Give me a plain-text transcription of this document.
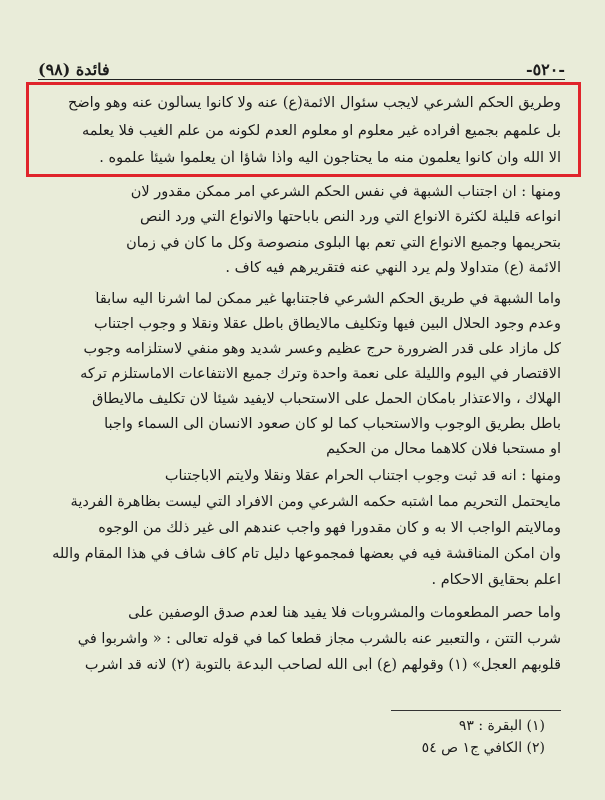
فائدة (٩٨)	-٥٢٠-
وطريق الحكم الشرعي لايجب سئوال الائمة(ع) عنه ولا كانوا يسألون عنه وهو واضح
بل علمهم بجميع أفراده غير معلوم او معلوم العدم لكونه من علم الغيب فلا يعلمه
الا الله وان كانوا يعلمون منه ما يحتاجون اليه وأذا شاؤا أن يعلموا شيئاً علموه .
ومنها : ان اجتناب الشبهة في نفس الحكم الشرعي امر ممكن مقدور لان
انواعه قليلة لكثرة الانواع التي ورد النص باباحتها والانواع التي ورد النص
بتحريمها وجميع الانواع التي تعم بها البلوى منصوصة وكل ما كان في زمان
الائمة (ع) متداولا ولم يرد النهي عنه فتقريرهم فيه كاف .
واما الشبهة في طريق الحكم الشرعي فاجتنابها غير ممكن لما اشرنا اليه سابقاً
وعدم وجود الحلال البين فيها وتكليف مالايطاق باطل عقلا ونقلا و وجوب اجتناب
كل مازاد على قدر الضرورة حرج عظيم وعسر شديد وهو منفي لاستلزامه وجوب
الاقتصار في اليوم والليلة على نعمة واحدة وترك جميع الانتفاعات الاماستلزم تركه
الهلاك ، والاعتذار بامكان الحمل على الاستحباب لايفيد شيئاً لان تكليف مالايطاق
باطل بطريق الوجوب والاستحباب كما لو كان صعود الانسان الى السماء واجبا
او مستحبا فلان كلاهما محال من الحكيم
ومنها : انه قد ثبت وجوب اجتناب الحرام عقلا ونقلا ولايتم الاباجتناب
مايحتمل التحريم مما اشتبه حكمه الشرعي ومن الافراد التي ليست بظاهرة الفردية
ومالايتم الواجب الا به و كان مقدوراً فهو واجب عندهم الى غير ذلك من الوجوه
وأن امكن المناقشة فيه في بعضها فمجموعها دليل تام كاف شاف في هذا المقام والله
اعلم بحقايق الاحكام .
وأما حصر المطعومات والمشروبات فلا يفيد هنا لعدم صدق الوصفين على
شرب التتن ، والتعبير عنه بالشرب مجاز قطعاً كما في قوله تعالى : « واشربوا في
قلوبهم العجل» (١) وقولهم (ع) أبى الله لصاحب البدعة بالتوبة (٢) لانه قد اشرب
(١) البقرة : ٩٣
(٢) الكافي ج١ ص ٥٤
